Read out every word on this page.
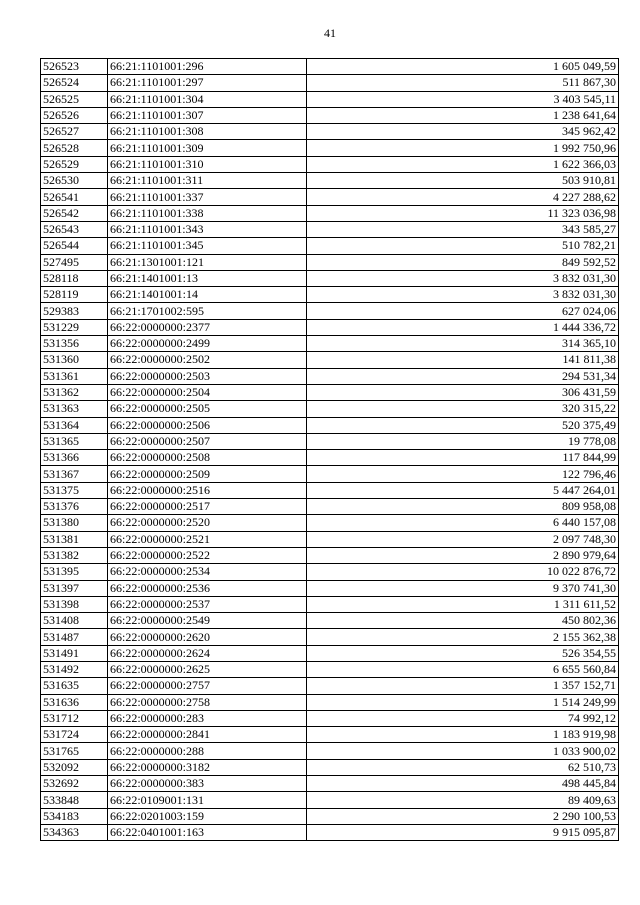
41
526523	66:21:1101001:296	1 605 049,59
526524	66:21:1101001:297	511 867,30
526525	66:21:1101001:304	3 403 545,11
526526	66:21:1101001:307	1 238 641,64
526527	66:21:1101001:308	345 962,42
526528	66:21:1101001:309	1 992 750,96
526529	66:21:1101001:310	1 622 366,03
526530	66:21:1101001:311	503 910,81
526541	66:21:1101001:337	4 227 288,62
526542	66:21:1101001:338	11 323 036,98
526543	66:21:1101001:343	343 585,27
526544	66:21:1101001:345	510 782,21
527495	66:21:1301001:121	849 592,52
528118	66:21:1401001:13	3 832 031,30
528119	66:21:1401001:14	3 832 031,30
529383	66:21:1701002:595	627 024,06
531229	66:22:0000000:2377	1 444 336,72
531356	66:22:0000000:2499	314 365,10
531360	66:22:0000000:2502	141 811,38
531361	66:22:0000000:2503	294 531,34
531362	66:22:0000000:2504	306 431,59
531363	66:22:0000000:2505	320 315,22
531364	66:22:0000000:2506	520 375,49
531365	66:22:0000000:2507	19 778,08
531366	66:22:0000000:2508	117 844,99
531367	66:22:0000000:2509	122 796,46
531375	66:22:0000000:2516	5 447 264,01
531376	66:22:0000000:2517	809 958,08
531380	66:22:0000000:2520	6 440 157,08
531381	66:22:0000000:2521	2 097 748,30
531382	66:22:0000000:2522	2 890 979,64
531395	66:22:0000000:2534	10 022 876,72
531397	66:22:0000000:2536	9 370 741,30
531398	66:22:0000000:2537	1 311 611,52
531408	66:22:0000000:2549	450 802,36
531487	66:22:0000000:2620	2 155 362,38
531491	66:22:0000000:2624	526 354,55
531492	66:22:0000000:2625	6 655 560,84
531635	66:22:0000000:2757	1 357 152,71
531636	66:22:0000000:2758	1 514 249,99
531712	66:22:0000000:283	74 992,12
531724	66:22:0000000:2841	1 183 919,98
531765	66:22:0000000:288	1 033 900,02
532092	66:22:0000000:3182	62 510,73
532692	66:22:0000000:383	498 445,84
533848	66:22:0109001:131	89 409,63
534183	66:22:0201003:159	2 290 100,53
534363	66:22:0401001:163	9 915 095,87
